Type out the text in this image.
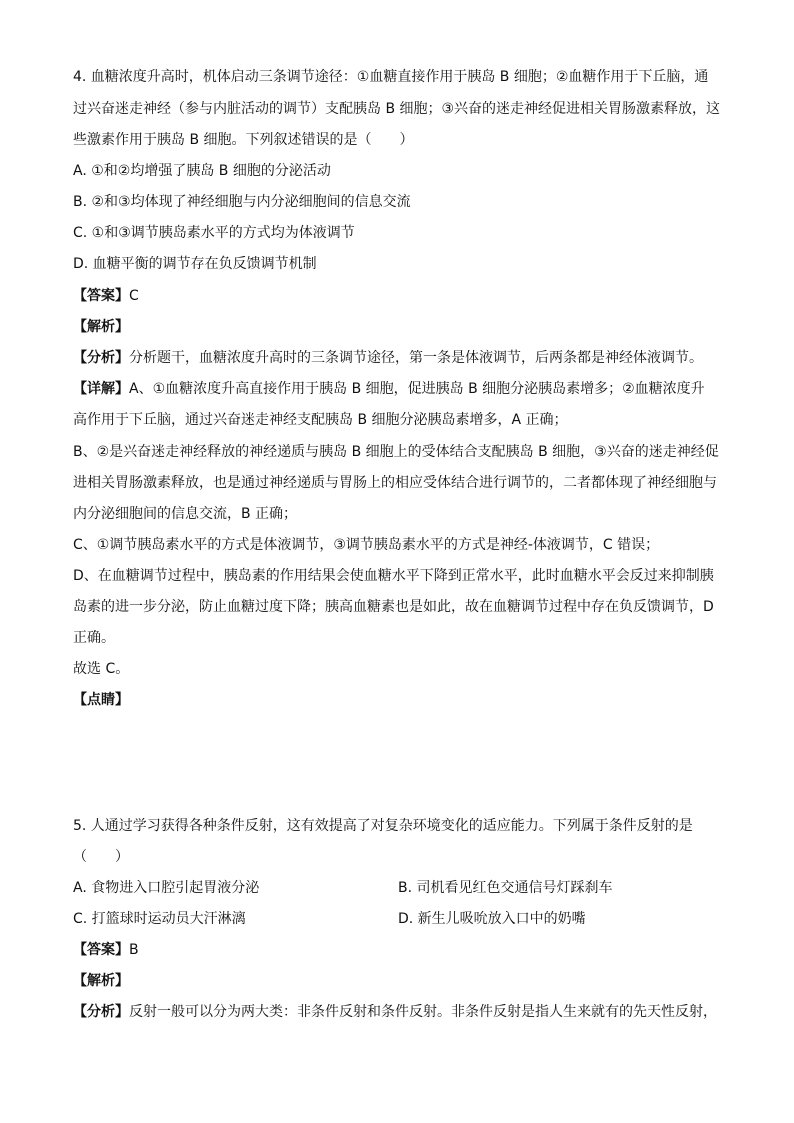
4. 血糖浓度升高时，机体启动三条调节途径：①血糖直接作用于胰岛 B 细胞；②血糖作用于下丘脑，通
过兴奋迷走神经（参与内脏活动的调节）支配胰岛 B 细胞；③兴奋的迷走神经促进相关胃肠激素释放，这
些激素作用于胰岛 B 细胞。下列叙述错误的是（　　）
A. ①和②均增强了胰岛 B 细胞的分泌活动
B. ②和③均体现了神经细胞与内分泌细胞间的信息交流
C. ①和③调节胰岛素水平的方式均为体液调节
D. 血糖平衡的调节存在负反馈调节机制
【答案】C
【解析】
【分析】分析题干，血糖浓度升高时的三条调节途径，第一条是体液调节，后两条都是神经体液调节。
【详解】A、①血糖浓度升高直接作用于胰岛 B 细胞，促进胰岛 B 细胞分泌胰岛素增多；②血糖浓度升
高作用于下丘脑，通过兴奋迷走神经支配胰岛 B 细胞分泌胰岛素增多，A 正确；
B、②是兴奋迷走神经释放的神经递质与胰岛 B 细胞上的受体结合支配胰岛 B 细胞，③兴奋的迷走神经促
进相关胃肠激素释放，也是通过神经递质与胃肠上的相应受体结合进行调节的，二者都体现了神经细胞与
内分泌细胞间的信息交流，B 正确；
C、①调节胰岛素水平的方式是体液调节，③调节胰岛素水平的方式是神经-体液调节，C 错误；
D、在血糖调节过程中，胰岛素的作用结果会使血糖水平下降到正常水平，此时血糖水平会反过来抑制胰
岛素的进一步分泌，防止血糖过度下降；胰高血糖素也是如此，故在血糖调节过程中存在负反馈调节，D
正确。
故选 C。
【点睛】
5. 人通过学习获得各种条件反射，这有效提高了对复杂环境变化的适应能力。下列属于条件反射的是
（　　）
A. 食物进入口腔引起胃液分泌	B. 司机看见红色交通信号灯踩刹车
C. 打篮球时运动员大汗淋漓	D. 新生儿吸吮放入口中的奶嘴
【答案】B
【解析】
【分析】反射一般可以分为两大类：非条件反射和条件反射。非条件反射是指人生来就有的先天性反射，
